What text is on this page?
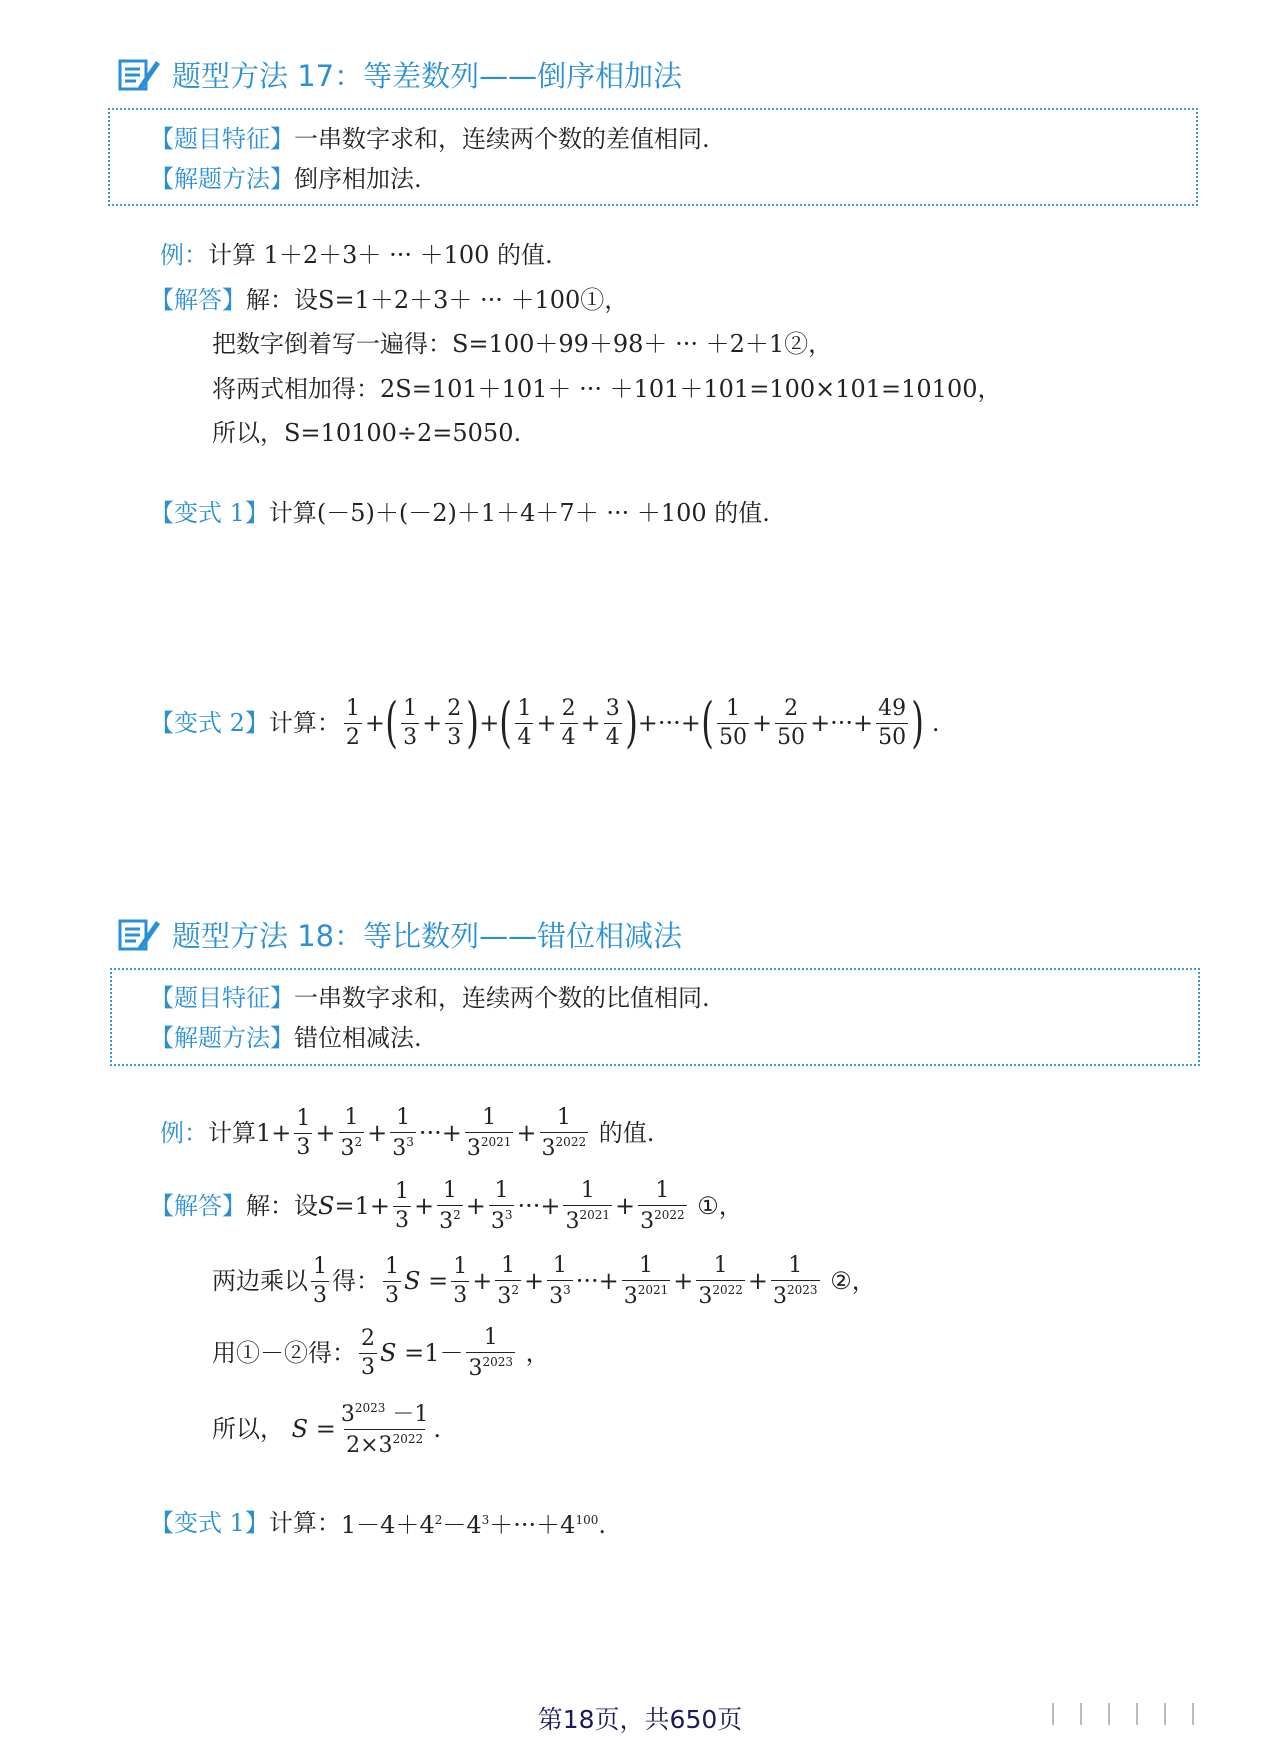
题型方法 17：等差数列——倒序相加法
【题目特征】 一串数字求和，连续两个数的差值相同.
【解题方法】 倒序相加法.
例： 计算 1＋2＋3＋ ··· ＋100 的值.
【解答】 解：设S=1＋2＋3＋ ··· ＋100①，
把数字倒着写一遍得：S=100＋99＋98＋ ··· ＋2＋1②，
将两式相加得：2S=101＋101＋ ··· ＋101＋101=100×101=10100，
所以，S=10100÷2=5050.
【变式 1】 计算(－5)＋(－2)＋1＋4＋7＋ ··· ＋100 的值.
【变式 2】 计算： $\frac{1}{2}$ + ( $\frac{1}{3} + \frac{2}{3}$ ) + ( $\frac{1}{4} + \frac{2}{4} + \frac{3}{4}$ ) +···+ ( $\frac{1}{50} + \frac{2}{50}$ +···+ $\frac{49}{50}$ ) .
题型方法 18：等比数列——错位相减法
【题目特征】 一串数字求和，连续两个数的比值相同.
【解题方法】 错位相减法.
例： 计算 $1+ \frac{1}{3} + \frac{1}{3^2} + \frac{1}{3^3}$ ···+ $\frac{1}{3^{2021}} + \frac{1}{3^{2022}}$
的值.
【解答】 解：设 $S =1+ \frac{1}{3} + \frac{1}{3^2} + \frac{1}{3^3}$ ···+ $\frac{1}{3^{2021}} + \frac{1}{3^{2022}}$ ①，
两边乘以 $\frac{1}{3}$ 得： $\frac{1}{3}$ $S = \frac{1}{3} + \frac{1}{3^2} + \frac{1}{3^3}$ ···+ $\frac{1}{3^{2021}} + \frac{1}{3^{2022}} + \frac{1}{3^{2023}}$ ②，
用①－②得： $\frac{2}{3}$ $S =1- \frac{1}{3^{2023}}$ ，
所以，
$S = \frac{3^{2023} -1}{2\times 3^{2022}}$ .
【变式 1】 计算： $1-4+4^2-4^3+\cdot\cdot\cdot+4^{100}$.
第18页，共650页
